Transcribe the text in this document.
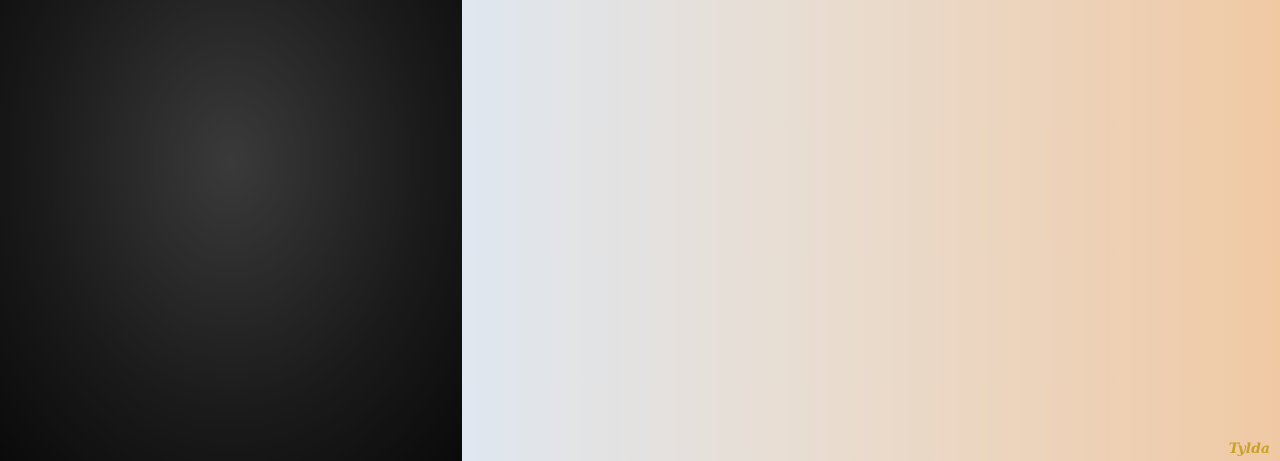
Tylda
